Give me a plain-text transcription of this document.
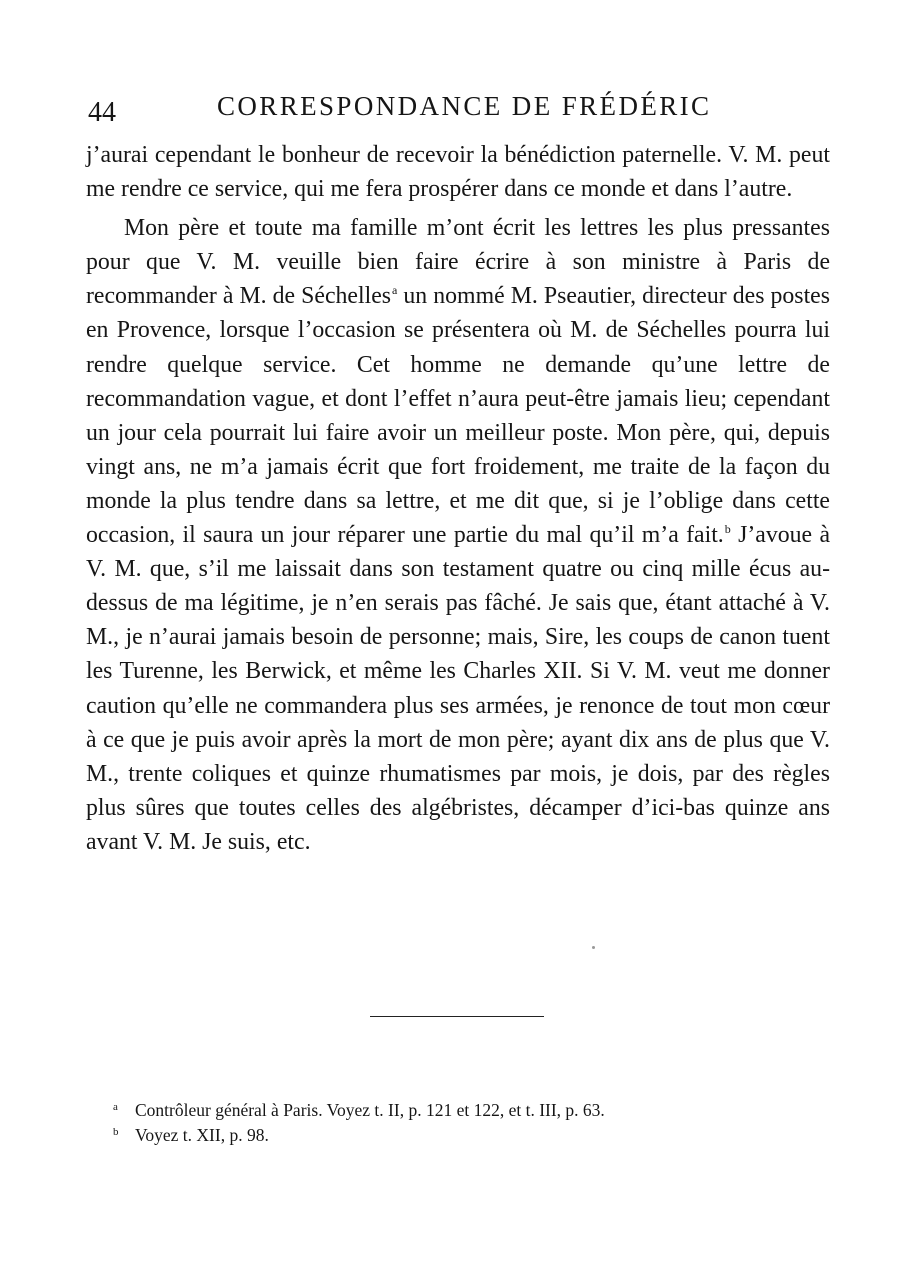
44	CORRESPONDANCE DE FRÉDÉRIC

j’aurai cependant le bonheur de recevoir la bénédiction paternelle. V. M. peut me rendre ce service, qui me fera prospérer dans ce monde et dans l’autre.

Mon père et toute ma famille m’ont écrit les lettres les plus pressantes pour que V. M. veuille bien faire écrire à son ministre à Paris de recommander à M. de Séchelles$^a$ un nommé M. Pseautier, directeur des postes en Provence, lorsque l’occasion se présentera où M. de Séchelles pourra lui rendre quelque service. Cet homme ne demande qu’une lettre de recommandation vague, et dont l’effet n’aura peut-être jamais lieu; cependant un jour cela pourrait lui faire avoir un meilleur poste. Mon père, qui, depuis vingt ans, ne m’a jamais écrit que fort froidement, me traite de la façon du monde la plus tendre dans sa lettre, et me dit que, si je l’oblige dans cette occasion, il saura un jour réparer une partie du mal qu’il m’a fait.$^b$ J’avoue à V. M. que, s’il me laissait dans son testament quatre ou cinq mille écus au-dessus de ma légitime, je n’en serais pas fâché. Je sais que, étant attaché à V. M., je n’aurai jamais besoin de personne; mais, Sire, les coups de canon tuent les Turenne, les Berwick, et même les Charles XII. Si V. M. veut me donner caution qu’elle ne commandera plus ses armées, je renonce de tout mon cœur à ce que je puis avoir après la mort de mon père; ayant dix ans de plus que V. M., trente coliques et quinze rhumatismes par mois, je dois, par des règles plus sûres que toutes celles des algébristes, décamper d’ici-bas quinze ans avant V. M. Je suis, etc.

a Contrôleur général à Paris. Voyez t. II, p. 121 et 122, et t. III, p. 63.
b Voyez t. XII, p. 98.
